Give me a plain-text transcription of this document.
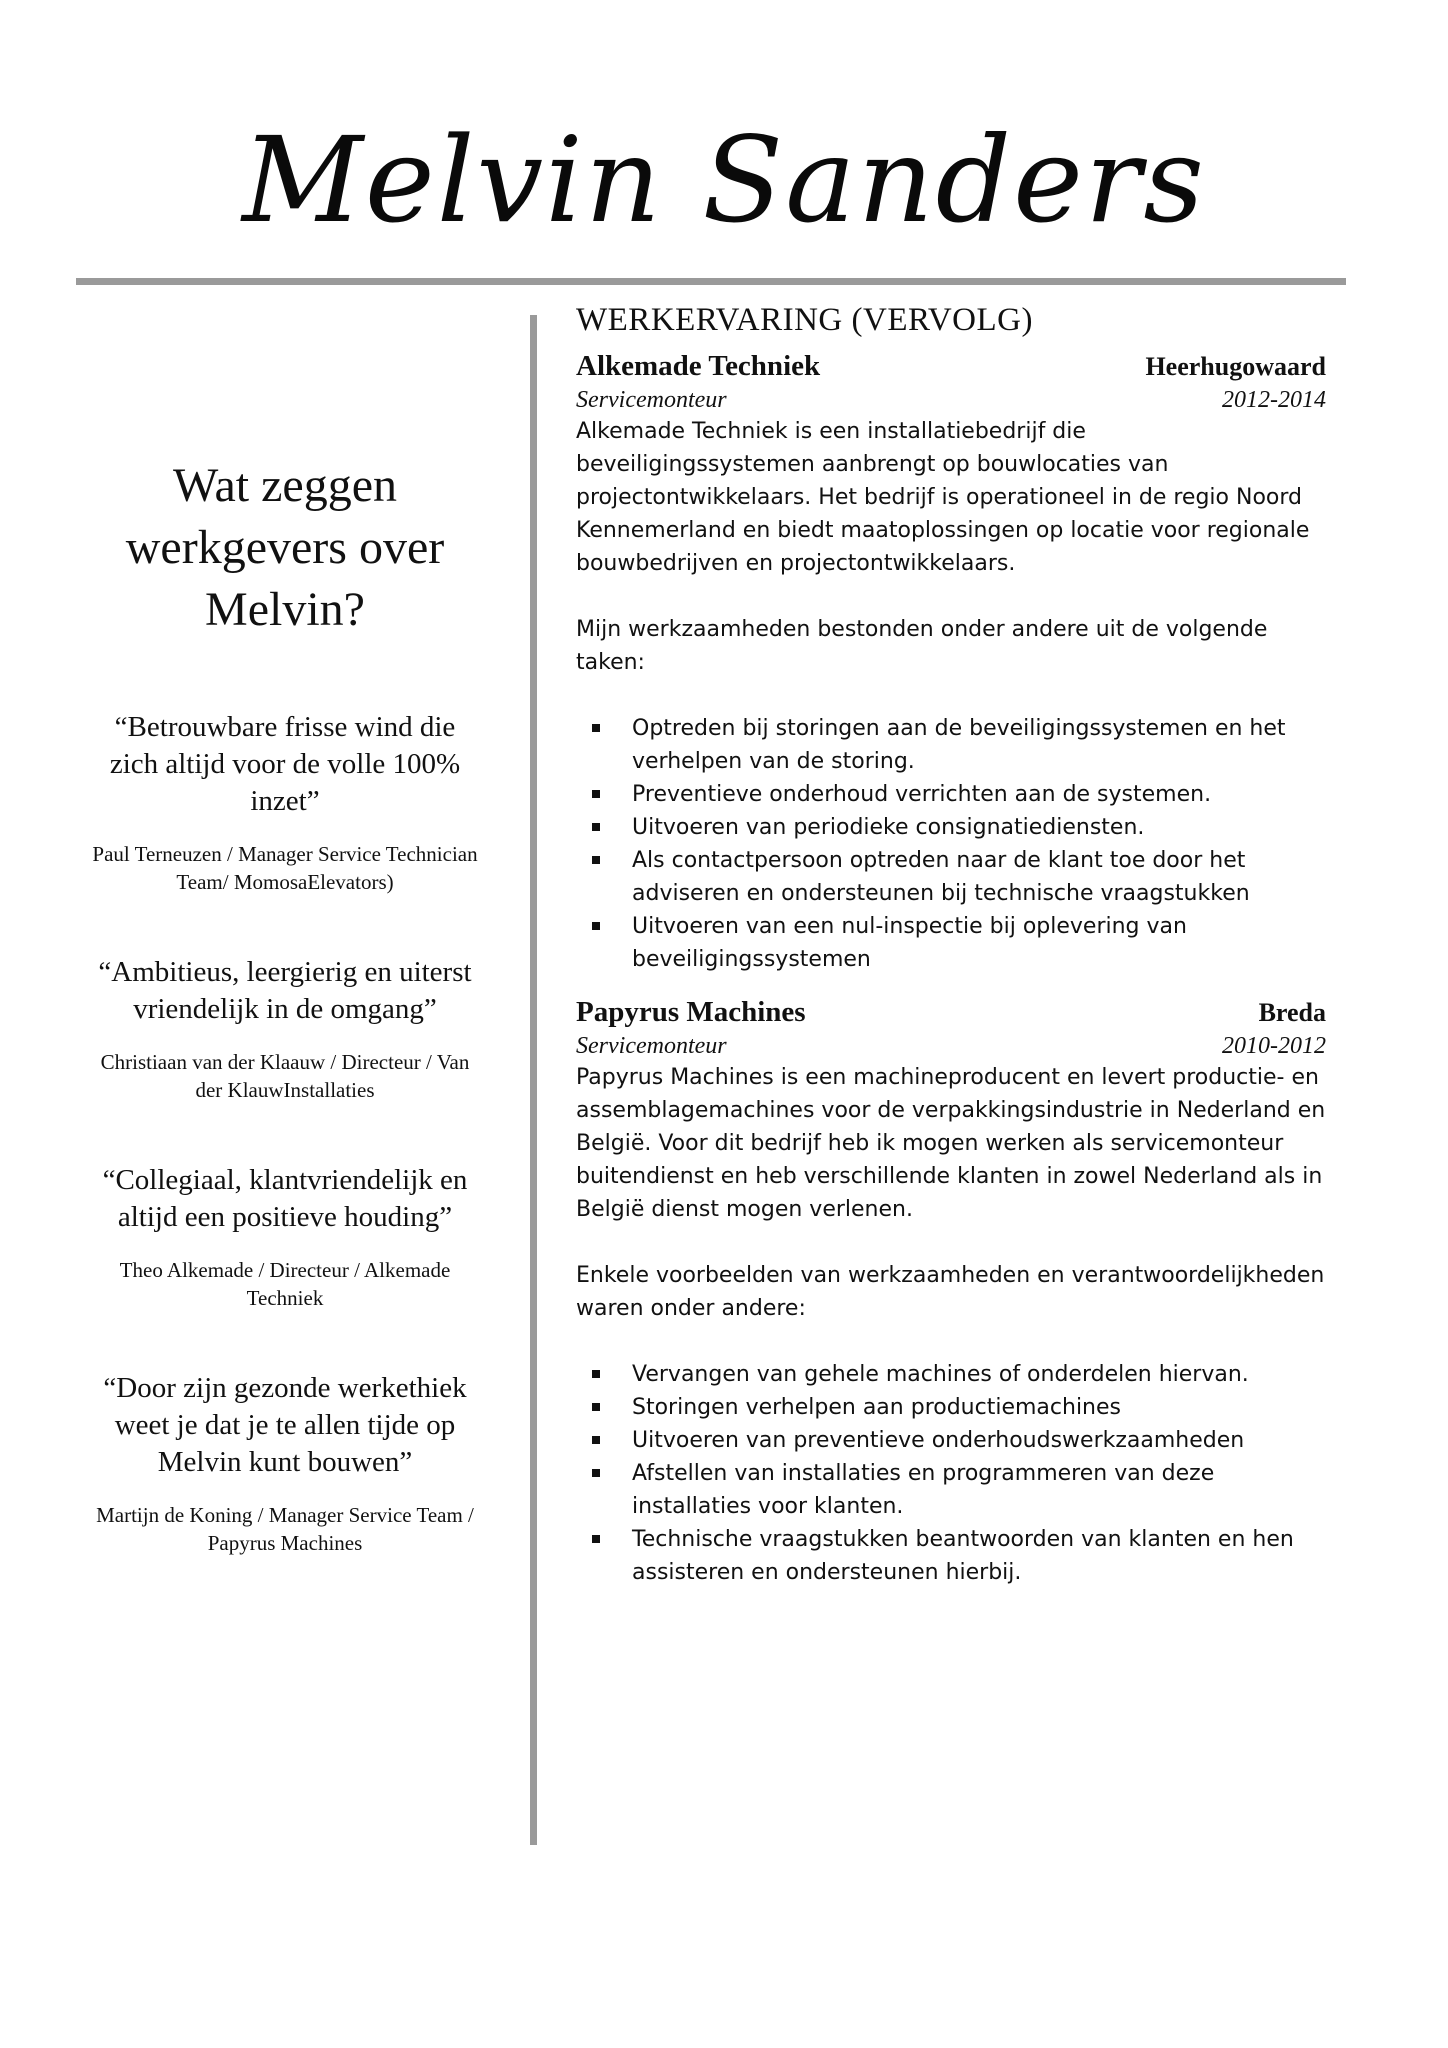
Melvin Sanders
Wat zeggen werkgevers over Melvin?

“Betrouwbare frisse wind die zich altijd voor de volle 100% inzet”

Paul Terneuzen / Manager Service Technician Team/ MomosaElevators)

“Ambitieus, leergierig en uiterst vriendelijk in de omgang”

Christiaan van der Klaauw / Directeur / Van der KlauwInstallaties

“Collegiaal, klantvriendelijk en altijd een positieve houding”

Theo Alkemade / Directeur / Alkemade Techniek

“Door zijn gezonde werkethiek weet je dat je te allen tijde op Melvin kunt bouwen”

Martijn de Koning / Manager Service Team / Papyrus Machines

WERKERVARING (VERVOLG)
Alkemade Techniek	Heerhugowaard
Servicemonteur	2012-2014

Alkemade Techniek is een installatiebedrijf die beveiligingssystemen aanbrengt op bouwlocaties van projectontwikkelaars. Het bedrijf is operationeel in de regio Noord Kennemerland en biedt maatoplossingen op locatie voor regionale bouwbedrijven en projectontwikkelaars.

Mijn werkzaamheden bestonden onder andere uit de volgende taken:

Optreden bij storingen aan de beveiligingssystemen en het verhelpen van de storing.
Preventieve onderhoud verrichten aan de systemen.
Uitvoeren van periodieke consignatiediensten.
Als contactpersoon optreden naar de klant toe door het adviseren en ondersteunen bij technische vraagstukken
Uitvoeren van een nul-inspectie bij oplevering van beveiligingssystemen
Papyrus Machines	Breda
Servicemonteur	2010-2012

Papyrus Machines is een machineproducent en levert productie- en assemblagemachines voor de verpakkingsindustrie in Nederland en België. Voor dit bedrijf heb ik mogen werken als servicemonteur buitendienst en heb verschillende klanten in zowel Nederland als in België dienst mogen verlenen.

Enkele voorbeelden van werkzaamheden en verantwoordelijkheden waren onder andere:

Vervangen van gehele machines of onderdelen hiervan.
Storingen verhelpen aan productiemachines
Uitvoeren van preventieve onderhoudswerkzaamheden
Afstellen van installaties en programmeren van deze installaties voor klanten.
Technische vraagstukken beantwoorden van klanten en hen assisteren en ondersteunen hierbij.
